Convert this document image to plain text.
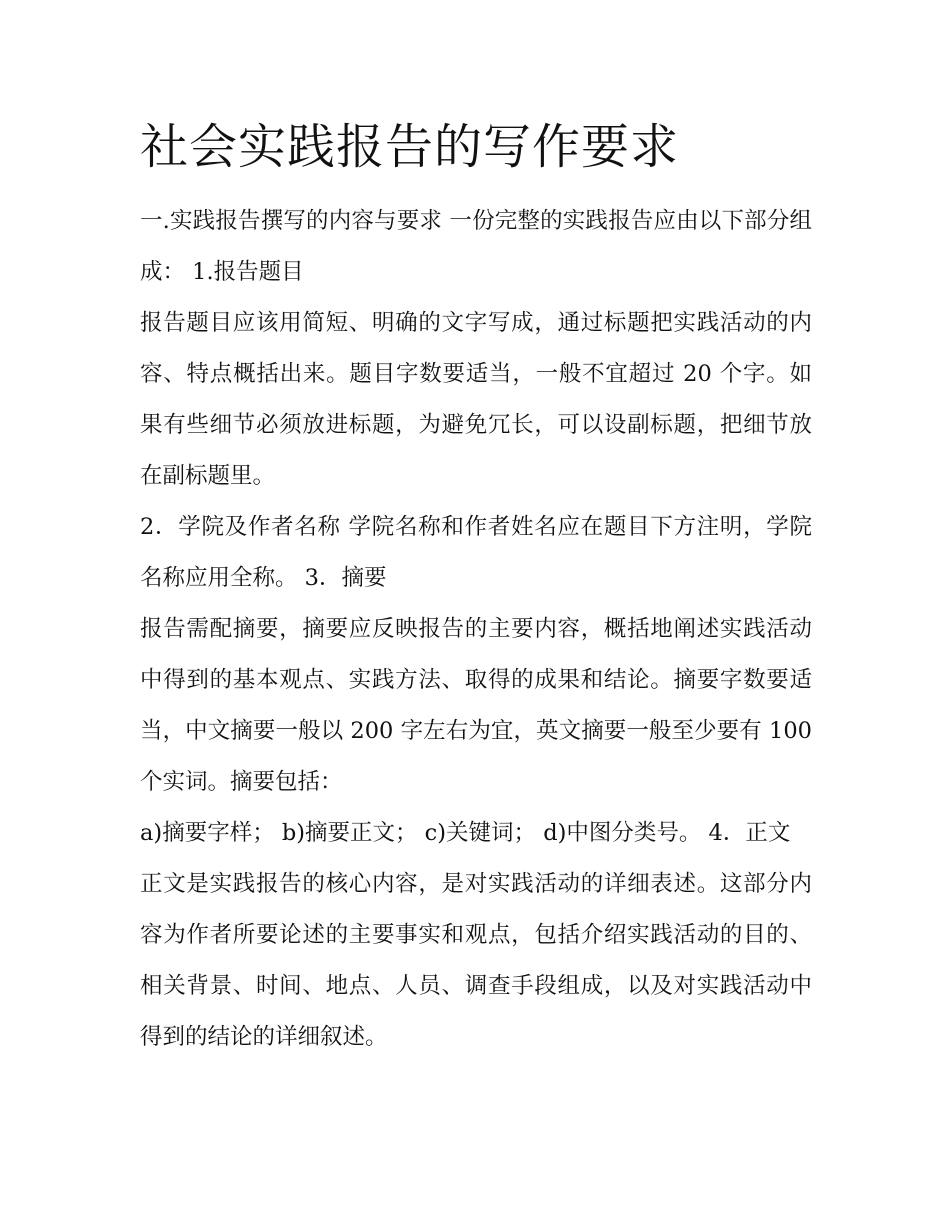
社会实践报告的写作要求

一.实践报告撰写的内容与要求 一份完整的实践报告应由以下部分组成： 1.报告题目

报告题目应该用简短、明确的文字写成，通过标题把实践活动的内容、特点概括出来。题目字数要适当，一般不宜超过 20 个字。如果有些细节必须放进标题，为避免冗长，可以设副标题，把细节放在副标题里。

2．学院及作者名称 学院名称和作者姓名应在题目下方注明，学院名称应用全称。 3．摘要

报告需配摘要，摘要应反映报告的主要内容，概括地阐述实践活动中得到的基本观点、实践方法、取得的成果和结论。摘要字数要适当，中文摘要一般以 200 字左右为宜，英文摘要一般至少要有 100 个实词。摘要包括：

a)摘要字样； b)摘要正文； c)关键词； d)中图分类号。 4．正文

正文是实践报告的核心内容，是对实践活动的详细表述。这部分内容为作者所要论述的主要事实和观点，包括介绍实践活动的目的、相关背景、时间、地点、人员、调查手段组成，以及对实践活动中得到的结论的详细叙述。
